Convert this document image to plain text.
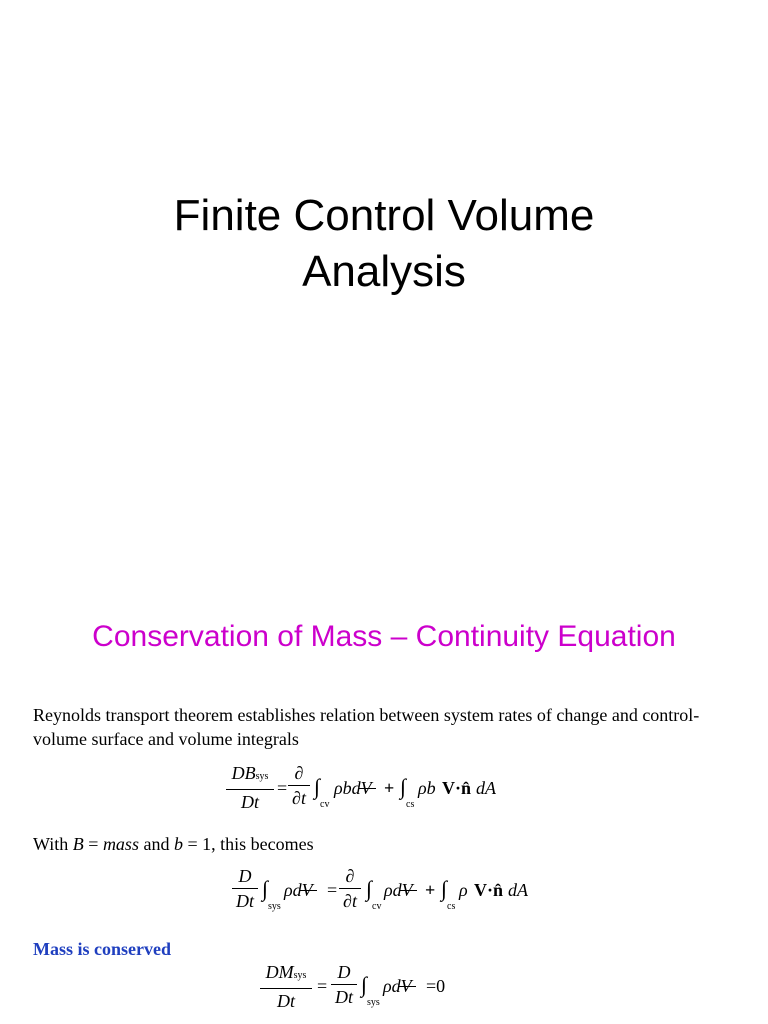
Finite Control Volume
Analysis
Conservation of Mass – Continuity Equation
Reynolds transport theorem establishes relation between system rates of change and control-volume surface and volume integrals
DBsys
Dt
=
∂
∂t ∫
cv
ρbdV + ∫
cs
ρb V·n̂ dA
With B = mass and b = 1, this becomes
D
Dt ∫
sys
ρdV =
∂
∂t ∫
cv
ρdV + ∫
cs
ρ V·n̂ dA
Mass is conserved
DMsys
Dt
=
D
Dt ∫
sys
ρdV =0
